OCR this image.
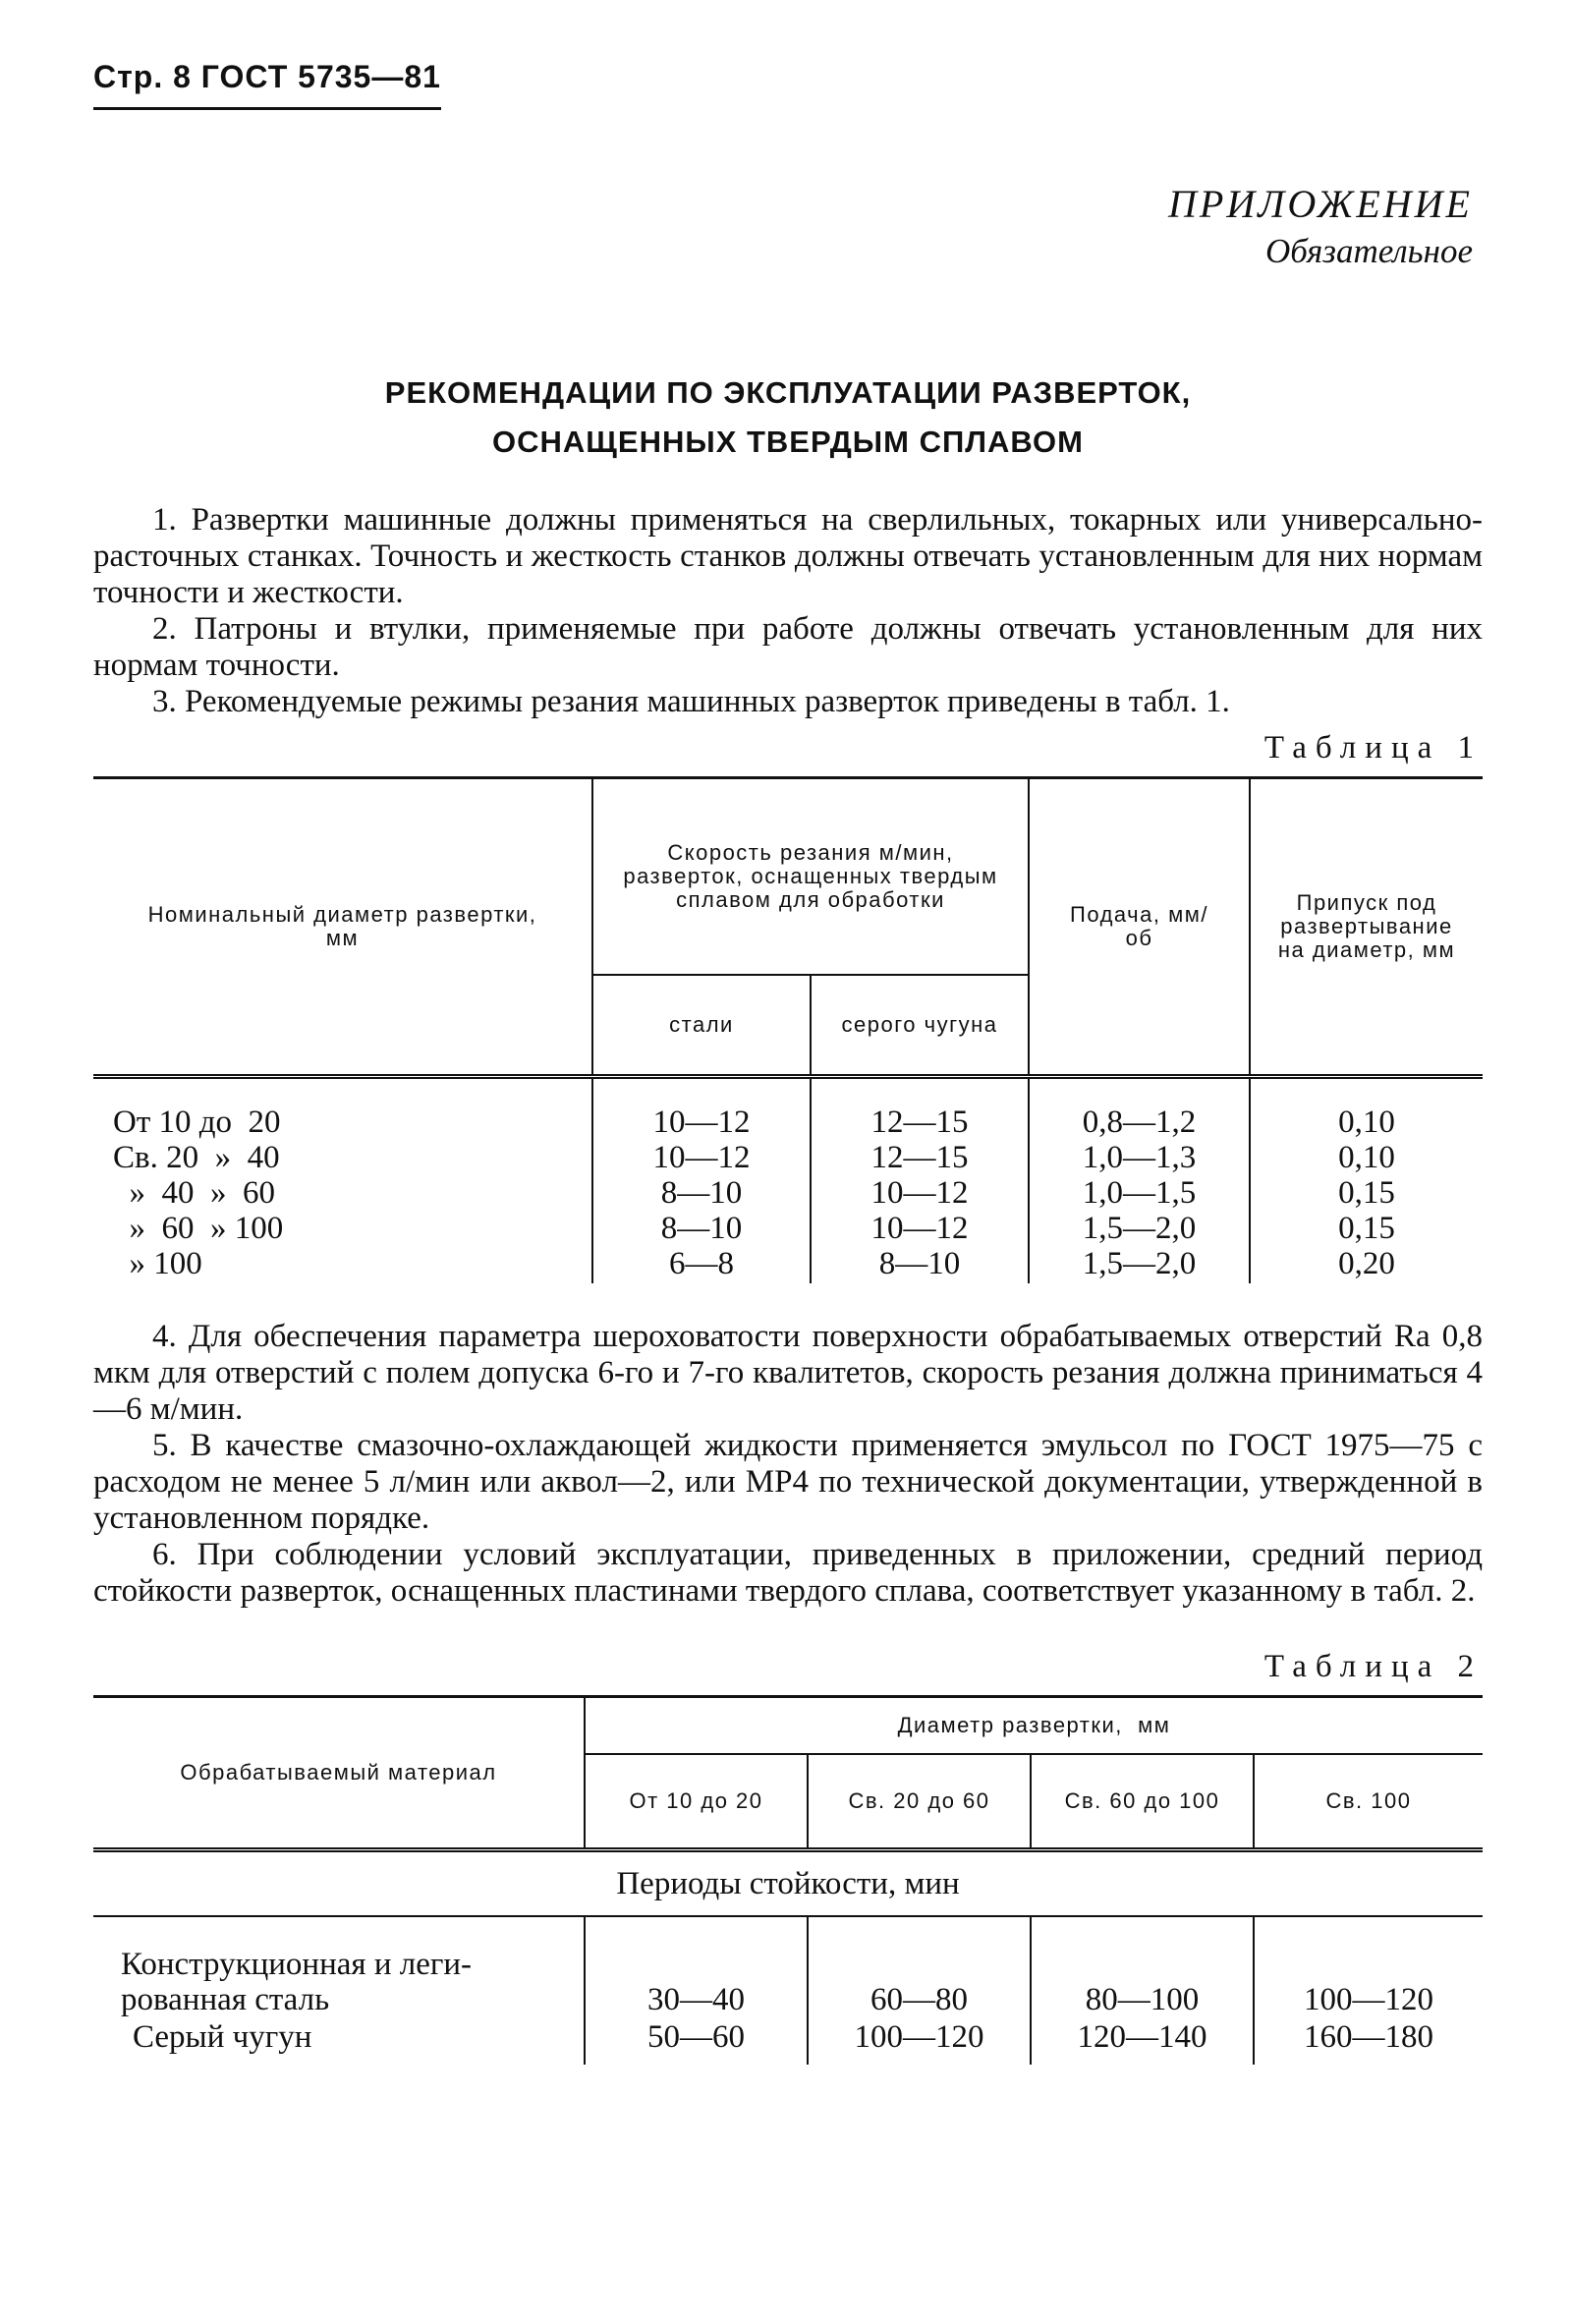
Стр. 8 ГОСТ 5735—81
ПРИЛОЖЕНИЕ
Обязательное
РЕКОМЕНДАЦИИ ПО ЭКСПЛУАТАЦИИ РАЗВЕРТОК,
ОСНАЩЕННЫХ ТВЕРДЫМ СПЛАВОМ

1. Развертки машинные должны применяться на сверлильных, токарных или универсально-расточных станках. Точность и жесткость станков должны отвечать установленным для них нормам точности и жесткости.

2. Патроны и втулки, применяемые при работе должны отвечать установленным для них нормам точности.

3. Рекомендуемые режимы резания машинных разверток приведены в табл. 1.

Таблица 1
Номинальный диаметр развертки, мм	Скорость резания м/мин, разверток, оснащенных твердым сплавом для обработки		Подача, мм/об	Припуск под развертывание на диаметр, мм
	стали	серого чугуна		
От 10 до  20	10—12	12—15	0,8—1,2	0,10
Св. 20  »  40	10—12	12—15	1,0—1,3	0,10
»  40  »  60	8—10	10—12	1,0—1,5	0,15
»  60  » 100	8—10	10—12	1,5—2,0	0,15
» 100	6—8	8—10	1,5—2,0	0,20

4. Для обеспечения параметра шероховатости поверхности обрабатываемых отверстий Ra 0,8 мкм для отверстий с полем допуска 6-го и 7-го квалитетов, скорость резания должна приниматься 4—6 м/мин.

5. В качестве смазочно-охлаждающей жидкости применяется эмульсол по ГОСТ 1975—75 с расходом не менее 5 л/мин или аквол—2, или МР4 по технической документации, утвержденной в установленном порядке.

6. При соблюдении условий эксплуатации, приведенных в приложении, средний период стойкости разверток, оснащенных пластинами твердого сплава, соответствует указанному в табл. 2.

Таблица 2
Обрабатываемый материал	Диаметр развертки,  мм			
	От 10 до 20	Св. 20 до 60	Св. 60 до 100	Св. 100
Периоды стойкости, мин				

Конструкционная и леги-
рованная сталь	30—40	60—80	80—100	100—120
Серый чугун	50—60	100—120	120—140	160—180
